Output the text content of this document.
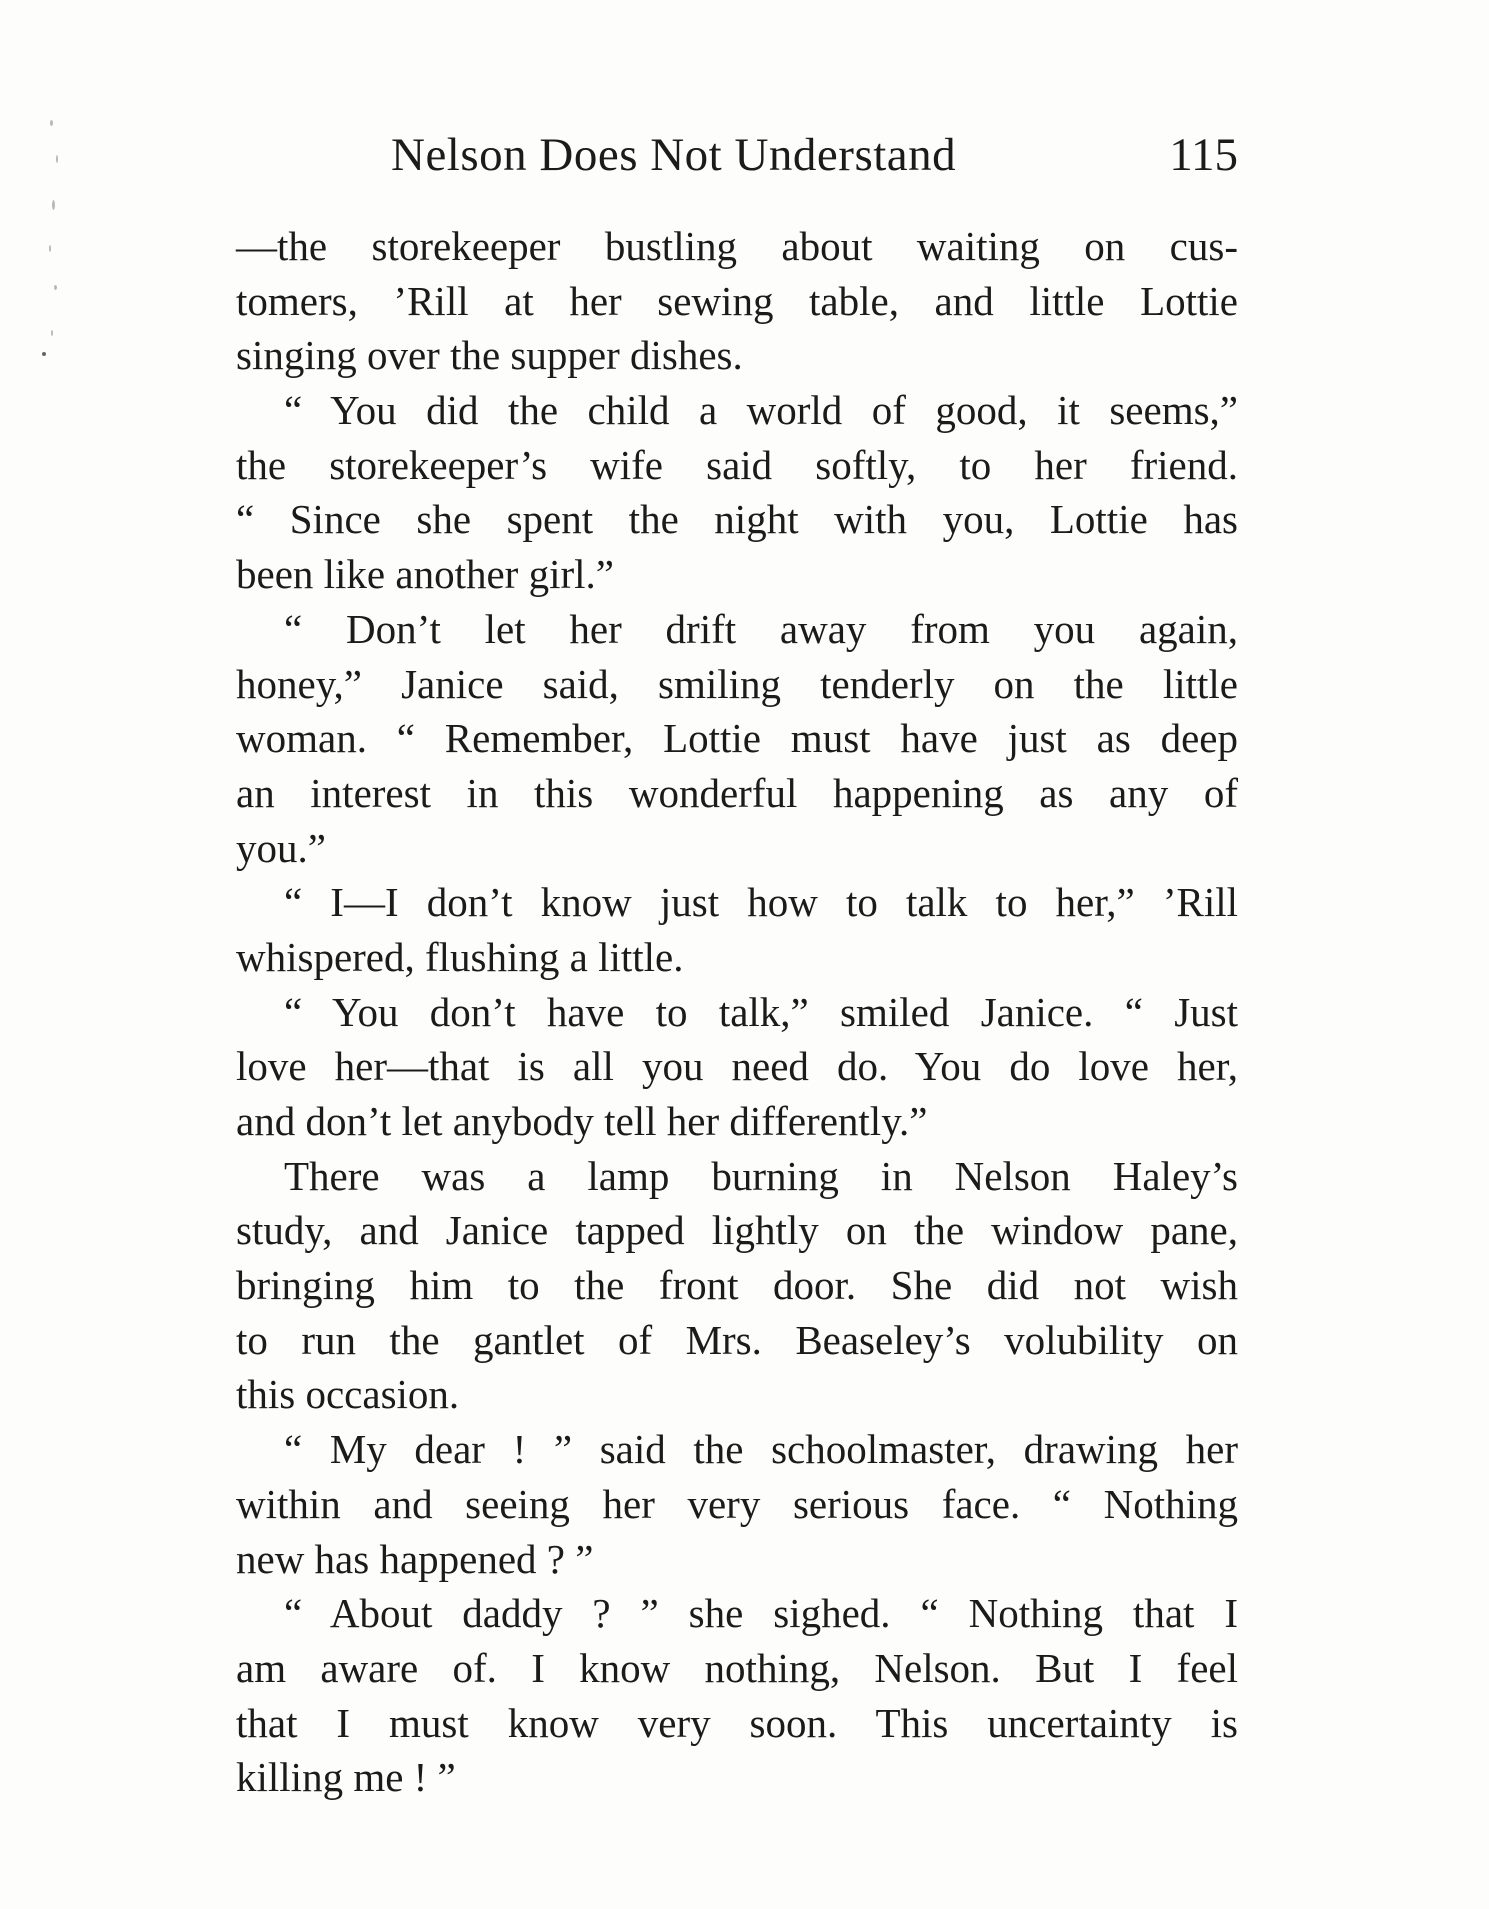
Nelson Does Not Understand	115
—the storekeeper bustling about waiting on cus-
tomers, ’Rill at her sewing table, and little Lottie
singing over the supper dishes.
“ You did the child a world of good, it seems,”
the storekeeper’s wife said softly, to her friend.
“ Since she spent the night with you, Lottie has
been like another girl.”
“ Don’t let her drift away from you again,
honey,” Janice said, smiling tenderly on the little
woman. “ Remember, Lottie must have just as deep
an interest in this wonderful happening as any of
you.”
“ I—I don’t know just how to talk to her,” ’Rill
whispered, flushing a little.
“ You don’t have to talk,” smiled Janice. “ Just
love her—that is all you need do. You do love her,
and don’t let anybody tell her differently.”
There was a lamp burning in Nelson Haley’s
study, and Janice tapped lightly on the window pane,
bringing him to the front door. She did not wish
to run the gantlet of Mrs. Beaseley’s volubility on
this occasion.
“ My dear ! ” said the schoolmaster, drawing her
within and seeing her very serious face. “ Nothing
new has happened ? ”
“ About daddy ? ” she sighed. “ Nothing that I
am aware of. I know nothing, Nelson. But I feel
that I must know very soon. This uncertainty is
killing me ! ”
